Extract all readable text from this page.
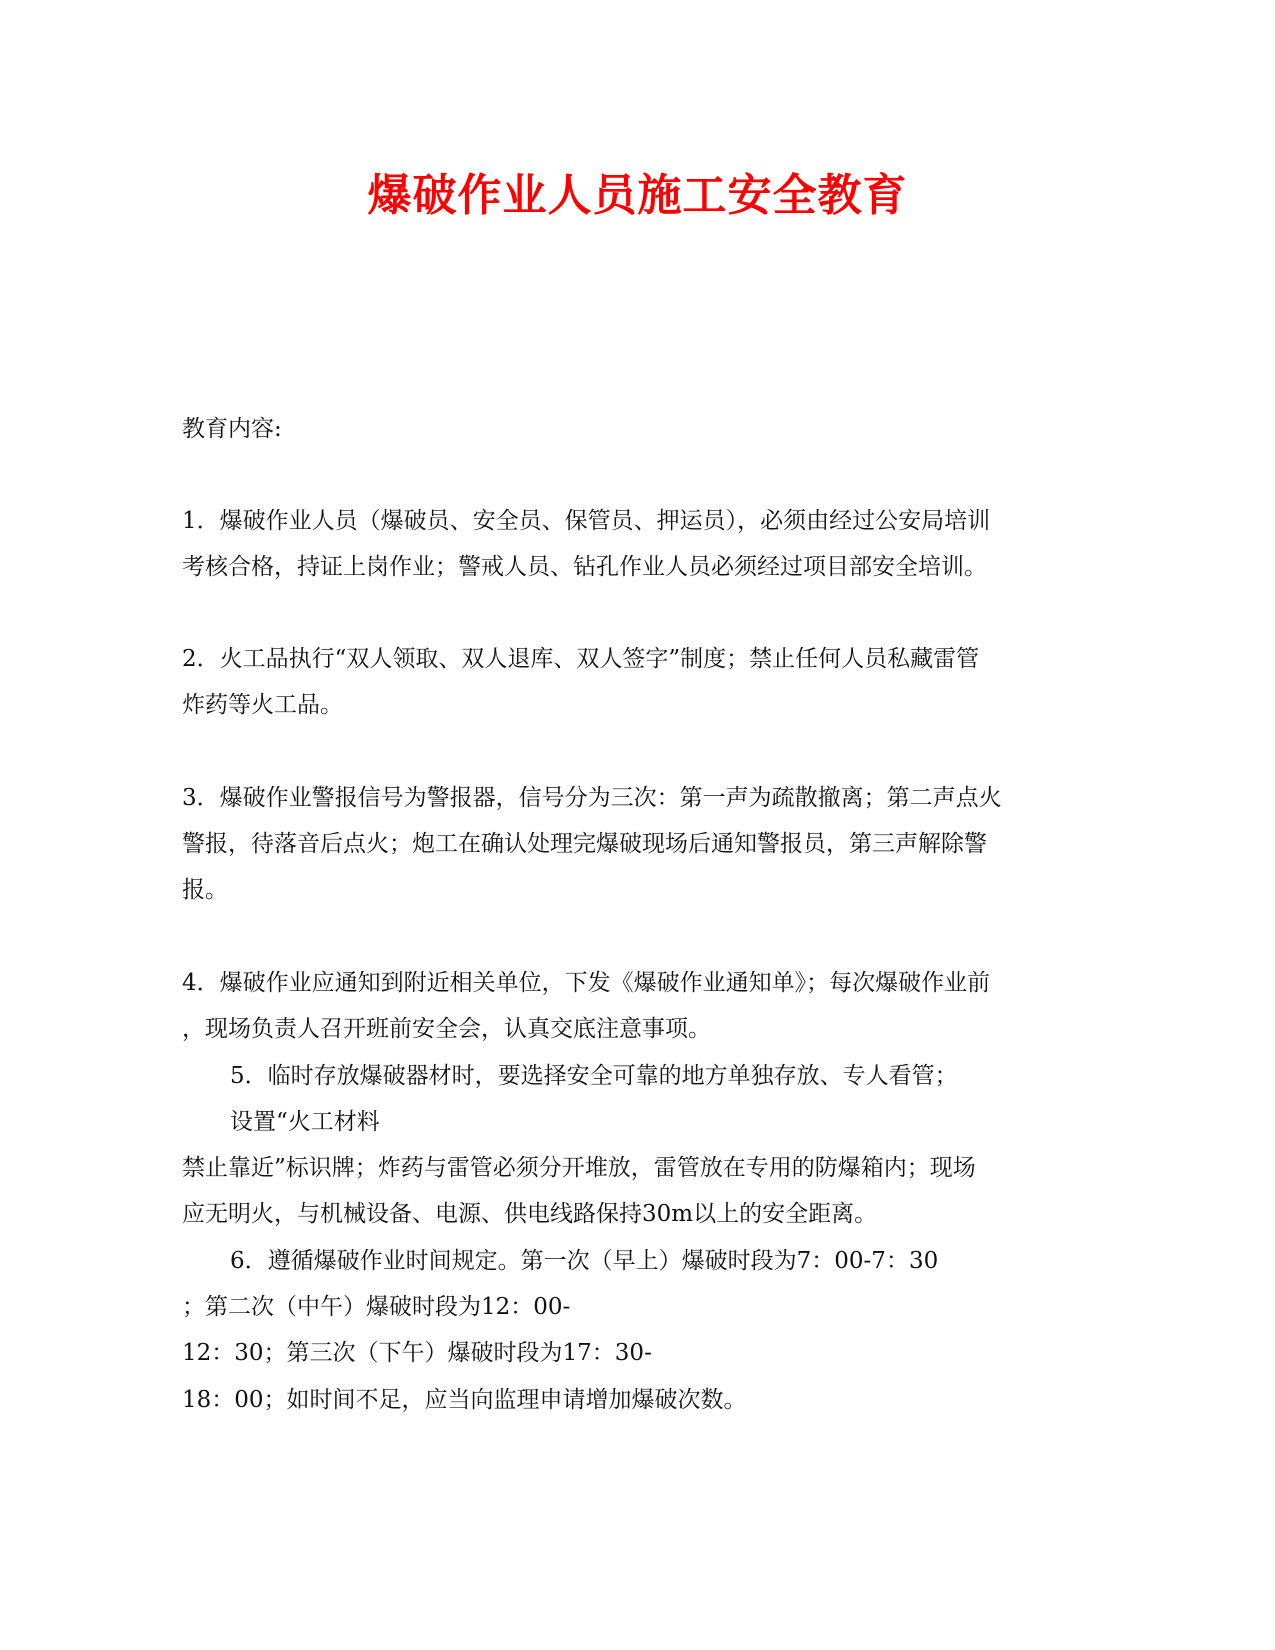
爆破作业人员施工安全教育
教育内容:
1．爆破作业人员（爆破员、安全员、保管员、押运员），必须由经过公安局培训
考核合格，持证上岗作业；警戒人员、钻孔作业人员必须经过项目部安全培训。
2．火工品执行“双人领取、双人退库、双人签字”制度；禁止任何人员私藏雷管
炸药等火工品。
3．爆破作业警报信号为警报器，信号分为三次：第一声为疏散撤离；第二声点火
警报，待落音后点火；炮工在确认处理完爆破现场后通知警报员，第三声解除警
报。
4．爆破作业应通知到附近相关单位，下发《爆破作业通知单》；每次爆破作业前
，现场负责人召开班前安全会，认真交底注意事项。
5．临时存放爆破器材时，要选择安全可靠的地方单独存放、专人看管；
设置“火工材料
禁止靠近”标识牌；炸药与雷管必须分开堆放，雷管放在专用的防爆箱内；现场
应无明火，与机械设备、电源、供电线路保持30m以上的安全距离。
6．遵循爆破作业时间规定。第一次（早上）爆破时段为7：00-7：30
；第二次（中午）爆破时段为12：00-
12：30；第三次（下午）爆破时段为17：30-
18：00；如时间不足，应当向监理申请增加爆破次数。
